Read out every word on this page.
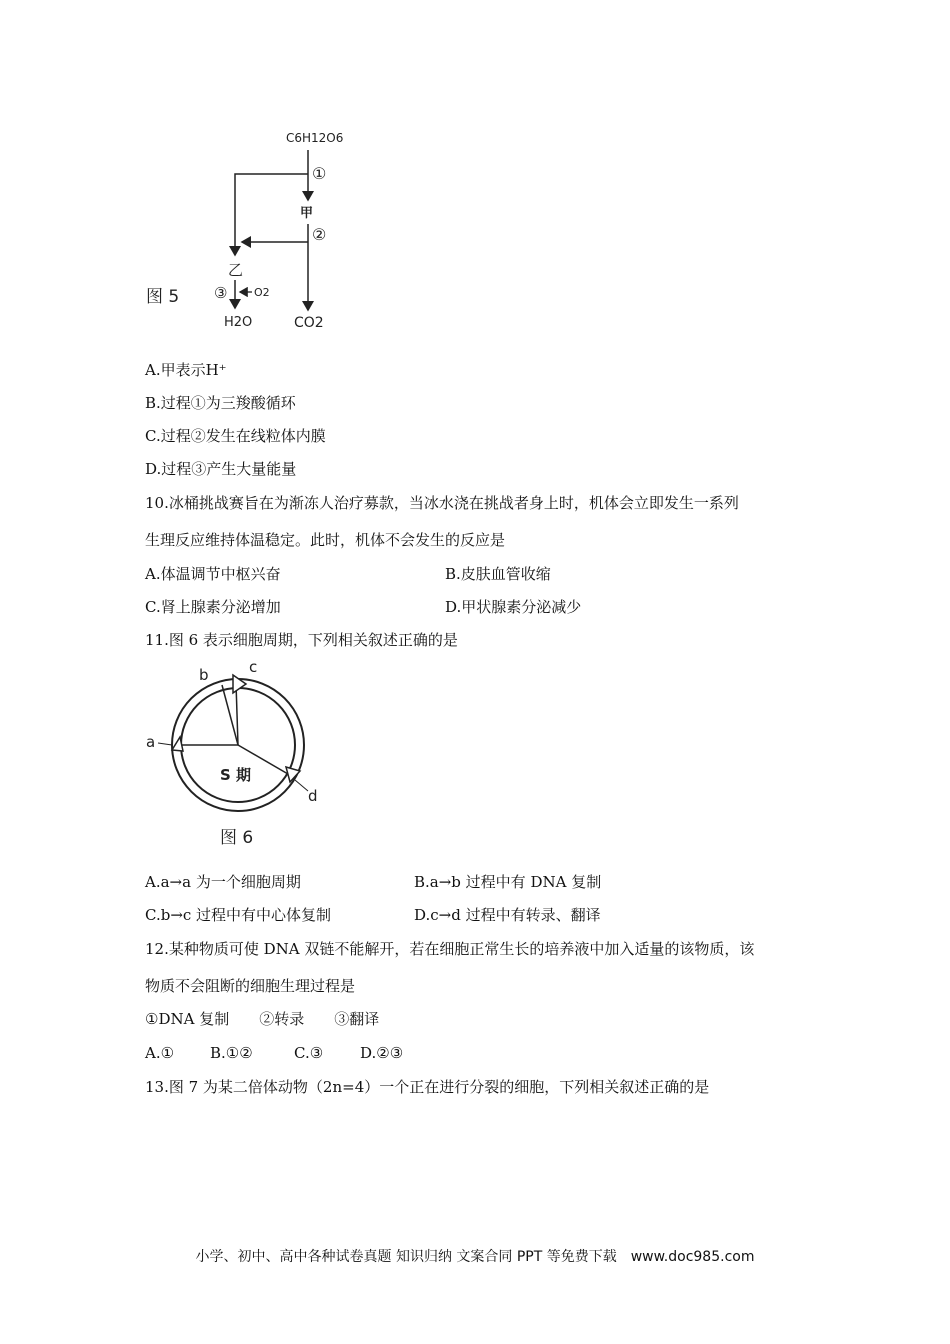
C6H12O6
①
甲
②
乙
③ O2
H2O	CO2
图 5
A.甲表示H⁺
B.过程①为三羧酸循环
C.过程②发生在线粒体内膜
D.过程③产生大量能量
10.冰桶挑战赛旨在为渐冻人治疗募款，当冰水浇在挑战者身上时，机体会立即发生一系列
生理反应维持体温稳定。此时，机体不会发生的反应是
A.体温调节中枢兴奋	B.皮肤血管收缩
C.肾上腺素分泌增加	D.甲状腺素分泌减少
11.图 6 表示细胞周期，下列相关叙述正确的是
a
b	c
d
S 期
图 6
A.a→a 为一个细胞周期	B.a→b 过程中有 DNA 复制
C.b→c 过程中有中心体复制	D.c→d 过程中有转录、翻译
12.某种物质可使 DNA 双链不能解开，若在细胞正常生长的培养液中加入适量的该物质，该
物质不会阻断的细胞生理过程是
①DNA 复制　　②转录　　③翻译
A.① B.①②	C.③ D.②③
13.图 7 为某二倍体动物（2n=4）一个正在进行分裂的细胞，下列相关叙述正确的是
小学、初中、高中各种试卷真题 知识归纳 文案合同 PPT 等免费下载　www.doc985.com
